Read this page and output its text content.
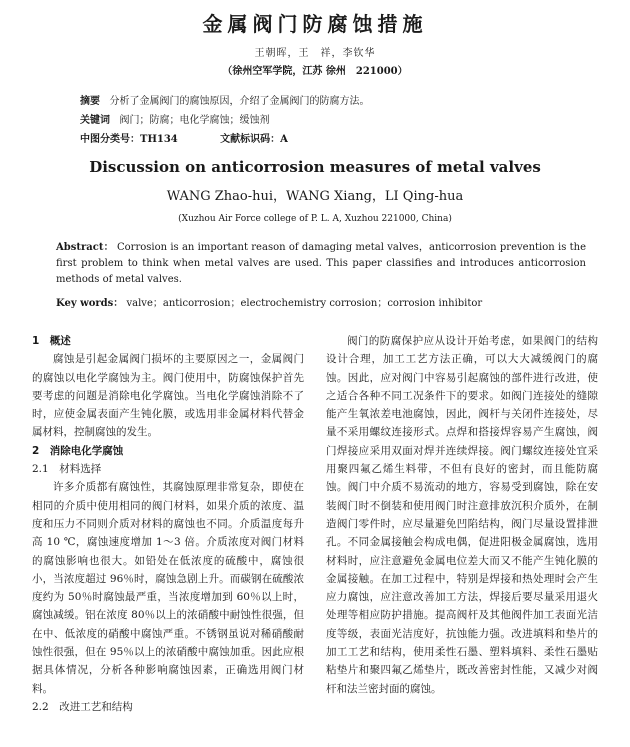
金属阀门防腐蚀措施
王朝晖，王　祥，李钦华
（徐州空军学院，江苏 徐州　221000）
摘要 分析了金属阀门的腐蚀原因，介绍了金属阀门的防腐方法。
关键词 阀门；防腐；电化学腐蚀；缓蚀剂
中图分类号：TH134	文献标识码：A
Discussion on anticorrosion measures of metal valves
WANG Zhao-hui，WANG Xiang，LI Qing-hua
(Xuzhou Air Force college of P. L. A, Xuzhou 221000, China)
Abstract： Corrosion is an important reason of damaging metal valves，anticorrosion prevention is the first problem to think when metal valves are used. This paper classifies and introduces anticorrosion methods of metal valves.
Key words： valve；anticorrosion；electrochemistry corrosion；corrosion inhibitor

1　概述

腐蚀是引起金属阀门损坏的主要原因之一，金属阀门的腐蚀以电化学腐蚀为主。阀门使用中，防腐蚀保护首先要考虑的问题是消除电化学腐蚀。当电化学腐蚀消除不了时，应使金属表面产生钝化膜，或选用非金属材料代替金属材料，控制腐蚀的发生。

2　消除电化学腐蚀

2.1　材料选择

许多介质都有腐蚀性，其腐蚀原理非常复杂，即使在相同的介质中使用相同的阀门材料，如果介质的浓度、温度和压力不同则介质对材料的腐蚀也不同。介质温度每升高 10 ℃，腐蚀速度增加 1～3 倍。介质浓度对阀门材料的腐蚀影响也很大。如铅处在低浓度的硫酸中，腐蚀很小，当浓度超过 96％时，腐蚀急剧上升。而碳钢在硫酸浓度约为 50％时腐蚀最严重，当浓度增加到 60％以上时，腐蚀减缓。铝在浓度 80％以上的浓硝酸中耐蚀性很强，但在中、低浓度的硝酸中腐蚀严重。不锈钢虽说对稀硝酸耐蚀性很强，但在 95％以上的浓硝酸中腐蚀加重。因此应根据具体情况，分析各种影响腐蚀因素，正确选用阀门材料。

2.2　改进工艺和结构

阀门的防腐保护应从设计开始考虑，如果阀门的结构设计合理，加工工艺方法正确，可以大大减缓阀门的腐蚀。因此，应对阀门中容易引起腐蚀的部件进行改进，使之适合各种不同工况条件下的要求。如阀门连接处的缝隙能产生氧浓差电池腐蚀，因此，阀杆与关闭件连接处，尽量不采用螺纹连接形式。点焊和搭接焊容易产生腐蚀，阀门焊接应采用双面对焊并连续焊接。阀门螺纹连接处宜采用聚四氟乙烯生料带，不但有良好的密封，而且能防腐蚀。阀门中介质不易流动的地方，容易受到腐蚀，除在安装阀门时不倒装和使用阀门时注意排放沉积介质外，在制造阀门零件时，应尽量避免凹陷结构，阀门尽量设置排泄孔。不同金属接触会构成电偶，促进阳极金属腐蚀，选用材料时，应注意避免金属电位差大而又不能产生钝化膜的金属接触。在加工过程中，特别是焊接和热处理时会产生应力腐蚀，应注意改善加工方法，焊接后要尽量采用退火处理等相应防护措施。提高阀杆及其他阀件加工表面光洁度等级，表面光洁度好，抗蚀能力强。改进填料和垫片的加工工艺和结构，使用柔性石墨、塑料填料、柔性石墨贴粘垫片和聚四氟乙烯垫片，既改善密封性能，又减少对阀杆和法兰密封面的腐蚀。
